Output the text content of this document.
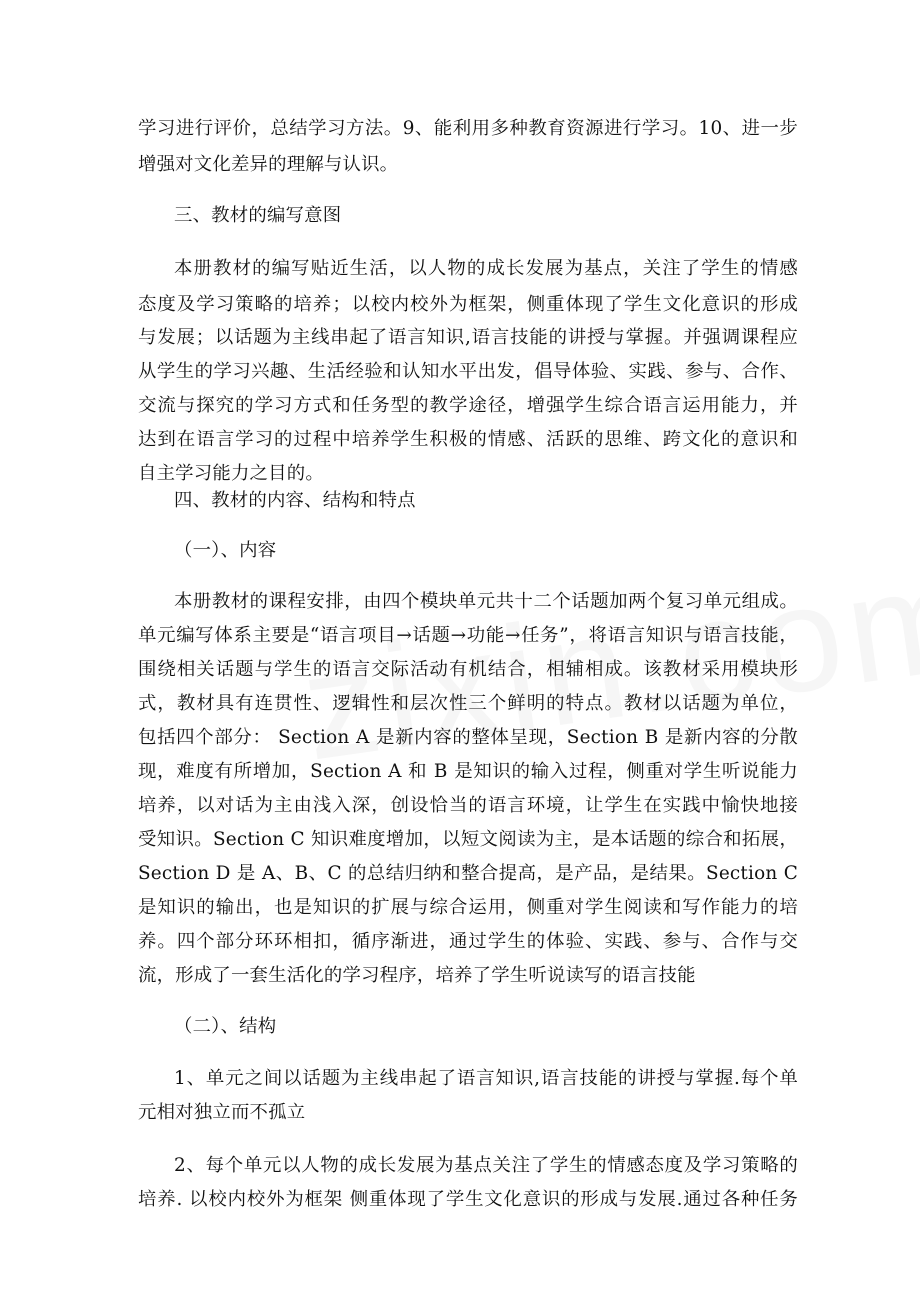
学习进行评价，总结学习方法。9、能利用多种教育资源进行学习。10、进一步
增强对文化差异的理解与认识。
三、教材的编写意图
本册教材的编写贴近生活，以人物的成长发展为基点，关注了学生的情感
态度及学习策略的培养；以校内校外为框架，侧重体现了学生文化意识的形成
与发展；以话题为主线串起了语言知识,语言技能的讲授与掌握。并强调课程应
从学生的学习兴趣、生活经验和认知水平出发，倡导体验、实践、参与、合作、
交流与探究的学习方式和任务型的教学途径，增强学生综合语言运用能力，并
达到在语言学习的过程中培养学生积极的情感、活跃的思维、跨文化的意识和
自主学习能力之目的。
四、教材的内容、结构和特点
（一）、内容
本册教材的课程安排，由四个模块单元共十二个话题加两个复习单元组成。
单元编写体系主要是“语言项目→话题→功能→任务”，将语言知识与语言技能，
围绕相关话题与学生的语言交际活动有机结合，相辅相成。该教材采用模块形
式，教材具有连贯性、逻辑性和层次性三个鲜明的特点。教材以话题为单位，
包括四个部分： Section A 是新内容的整体呈现，Section B 是新内容的分散
现，难度有所增加，Section A 和 B 是知识的输入过程，侧重对学生听说能力
培养，以对话为主由浅入深，创设恰当的语言环境，让学生在实践中愉快地接
受知识。Section C 知识难度增加，以短文阅读为主，是本话题的综合和拓展，
Section D 是 A、B、C 的总结归纳和整合提高，是产品，是结果。Section C
是知识的输出，也是知识的扩展与综合运用，侧重对学生阅读和写作能力的培
养。四个部分环环相扣，循序渐进，通过学生的体验、实践、参与、合作与交
流，形成了一套生活化的学习程序，培养了学生听说读写的语言技能
（二）、结构
1、单元之间以话题为主线串起了语言知识,语言技能的讲授与掌握.每个单
元相对独立而不孤立
2、每个单元以人物的成长发展为基点关注了学生的情感态度及学习策略的
培养. 以校内校外为框架 侧重体现了学生文化意识的形成与发展.通过各种任务
